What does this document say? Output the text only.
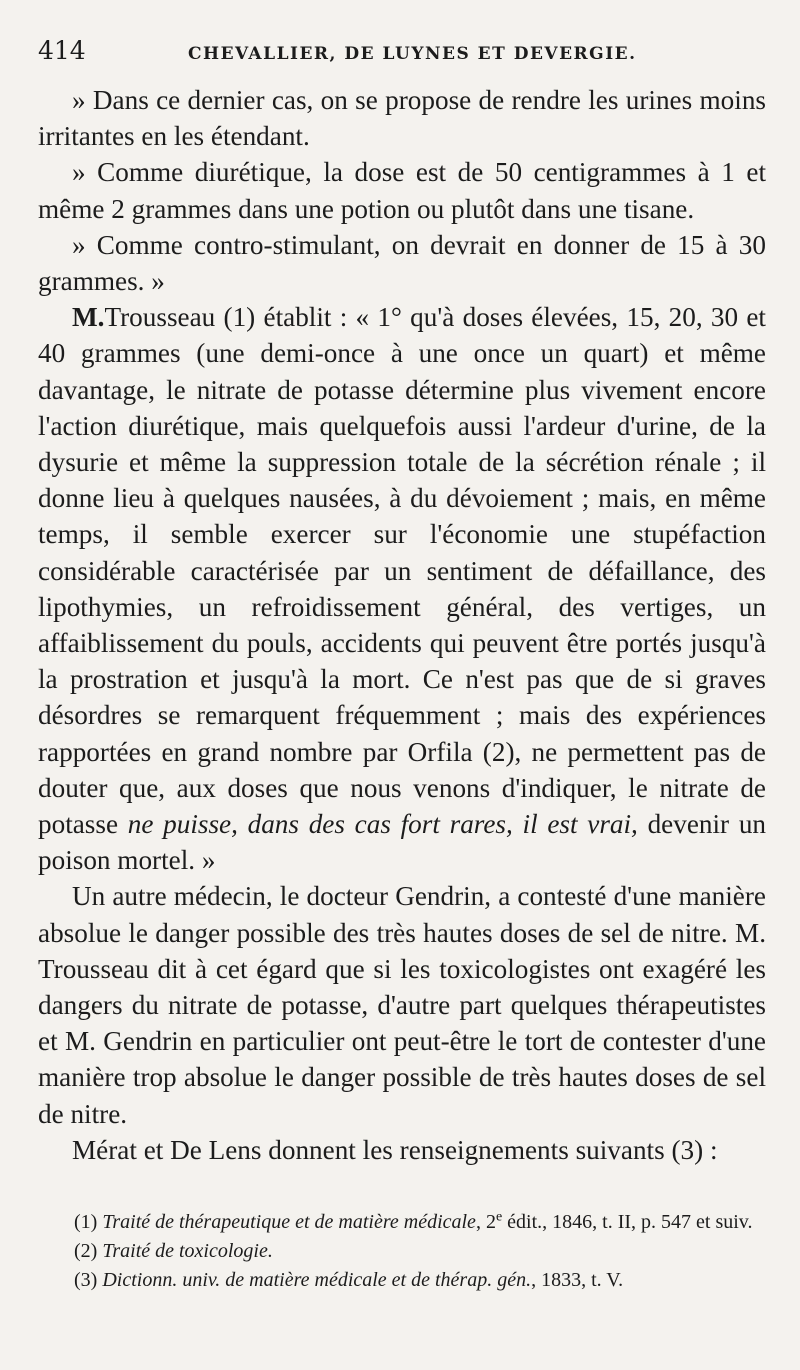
414	CHEVALLIER, DE LUYNES ET DEVERGIE.

» Dans ce dernier cas, on se propose de rendre les urines moins irritantes en les étendant.

» Comme diurétique, la dose est de 50 centigrammes à 1 et même 2 grammes dans une potion ou plutôt dans une tisane.

» Comme contro-stimulant, on devrait en donner de 15 à 30 grammes. »

M.Trousseau (1) établit : « 1° qu'à doses élevées, 15, 20, 30 et 40 grammes (une demi-once à une once un quart) et même davantage, le nitrate de potasse détermine plus vivement encore l'action diurétique, mais quelquefois aussi l'ardeur d'urine, de la dysurie et même la suppression totale de la sécrétion rénale ; il donne lieu à quelques nausées, à du dévoiement ; mais, en même temps, il semble exercer sur l'économie une stupéfaction considérable caractérisée par un sentiment de défaillance, des lipothymies, un refroidissement général, des vertiges, un affaiblissement du pouls, accidents qui peuvent être portés jusqu'à la prostration et jusqu'à la mort. Ce n'est pas que de si graves désordres se remarquent fréquemment ; mais des expériences rapportées en grand nombre par Orfila (2), ne permettent pas de douter que, aux doses que nous venons d'indiquer, le nitrate de potasse ne puisse, dans des cas fort rares, il est vrai, devenir un poison mortel. »

Un autre médecin, le docteur Gendrin, a contesté d'une manière absolue le danger possible des très hautes doses de sel de nitre. M. Trousseau dit à cet égard que si les toxicologistes ont exagéré les dangers du nitrate de potasse, d'autre part quelques thérapeutistes et M. Gendrin en particulier ont peut-être le tort de contester d'une manière trop absolue le danger possible de très hautes doses de sel de nitre.

Mérat et De Lens donnent les renseignements suivants (3) :

(1) Traité de thérapeutique et de matière médicale, 2e édit., 1846, t. II, p. 547 et suiv.

(2) Traité de toxicologie.

(3) Dictionn. univ. de matière médicale et de thérap. gén., 1833, t. V.
